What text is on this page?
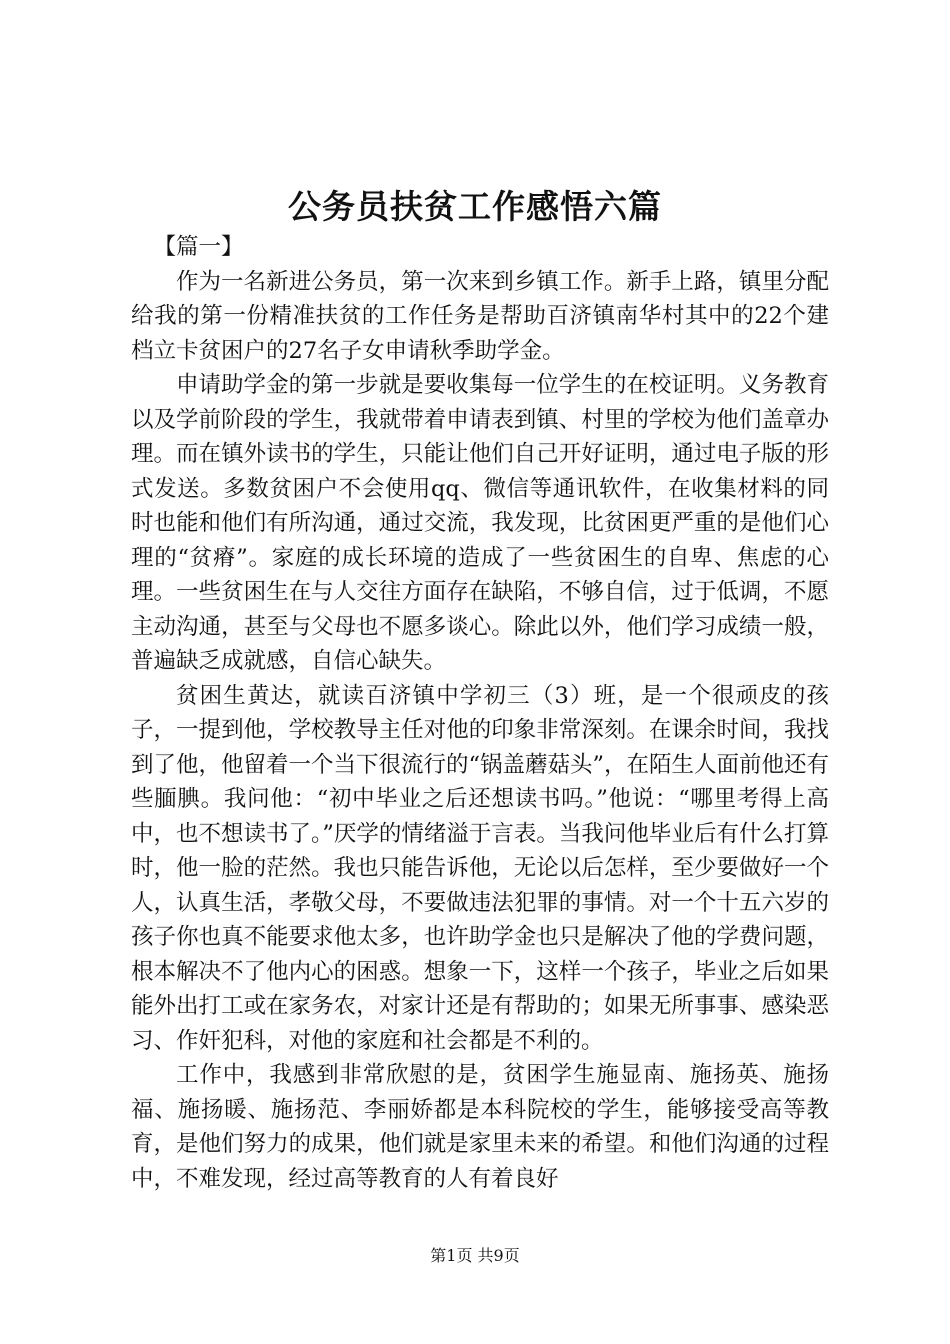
公务员扶贫工作感悟六篇

【篇一】

作为一名新进公务员，第一次来到乡镇工作。新手上路，镇里分配给我的第一份精准扶贫的工作任务是帮助百济镇南华村其中的22个建档立卡贫困户的27名子女申请秋季助学金。

申请助学金的第一步就是要收集每一位学生的在校证明。义务教育以及学前阶段的学生，我就带着申请表到镇、村里的学校为他们盖章办理。而在镇外读书的学生，只能让他们自己开好证明，通过电子版的形式发送。多数贫困户不会使用qq、微信等通讯软件，在收集材料的同时也能和他们有所沟通，通过交流，我发现，比贫困更严重的是他们心理的“贫瘠”。家庭的成长环境的造成了一些贫困生的自卑、焦虑的心理。一些贫困生在与人交往方面存在缺陷，不够自信，过于低调，不愿主动沟通，甚至与父母也不愿多谈心。除此以外，他们学习成绩一般，普遍缺乏成就感，自信心缺失。

贫困生黄达，就读百济镇中学初三（3）班，是一个很顽皮的孩子，一提到他，学校教导主任对他的印象非常深刻。在课余时间，我找到了他，他留着一个当下很流行的“锅盖蘑菇头”，在陌生人面前他还有些腼腆。我问他：“初中毕业之后还想读书吗。”他说：“哪里考得上高中，也不想读书了。”厌学的情绪溢于言表。当我问他毕业后有什么打算时，他一脸的茫然。我也只能告诉他，无论以后怎样，至少要做好一个人，认真生活，孝敬父母，不要做违法犯罪的事情。对一个十五六岁的孩子你也真不能要求他太多，也许助学金也只是解决了他的学费问题，根本解决不了他内心的困惑。想象一下，这样一个孩子，毕业之后如果能外出打工或在家务农，对家计还是有帮助的；如果无所事事、感染恶习、作奸犯科，对他的家庭和社会都是不利的。

工作中，我感到非常欣慰的是，贫困学生施显南、施扬英、施扬福、施扬暖、施扬范、李丽娇都是本科院校的学生，能够接受高等教育，是他们努力的成果，他们就是家里未来的希望。和他们沟通的过程中，不难发现，经过高等教育的人有着良好

第1页 共9页
